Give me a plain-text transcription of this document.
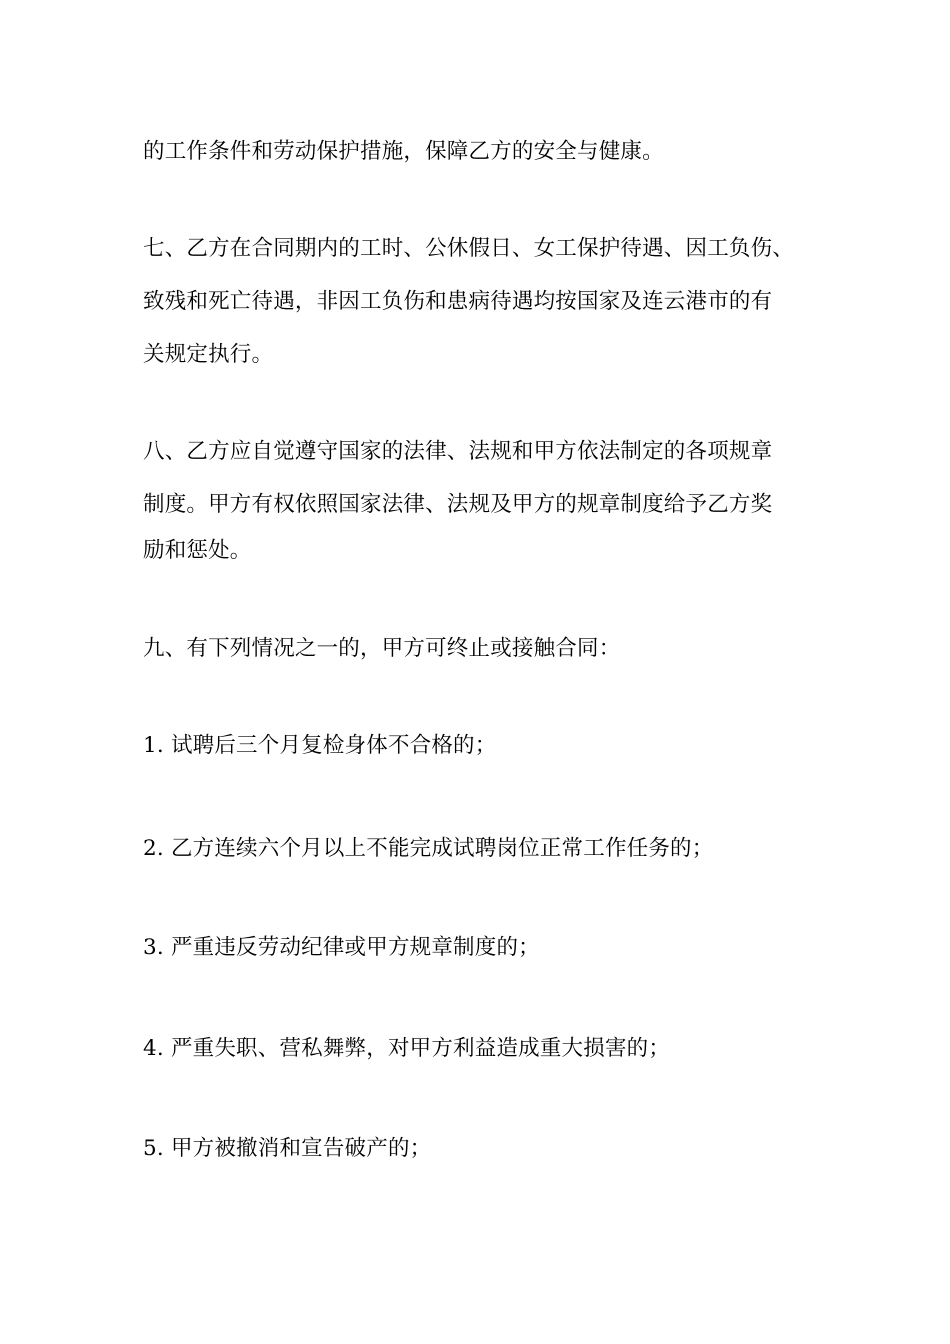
的工作条件和劳动保护措施，保障乙方的安全与健康。
七、乙方在合同期内的工时、公休假日、女工保护待遇、因工负伤、
致残和死亡待遇，非因工负伤和患病待遇均按国家及连云港市的有
关规定执行。
八、乙方应自觉遵守国家的法律、法规和甲方依法制定的各项规章
制度。甲方有权依照国家法律、法规及甲方的规章制度给予乙方奖
励和惩处。
九、有下列情况之一的，甲方可终止或接触合同：
1. 试聘后三个月复检身体不合格的；
2. 乙方连续六个月以上不能完成试聘岗位正常工作任务的；
3. 严重违反劳动纪律或甲方规章制度的；
4. 严重失职、营私舞弊，对甲方利益造成重大损害的；
5. 甲方被撤消和宣告破产的；
